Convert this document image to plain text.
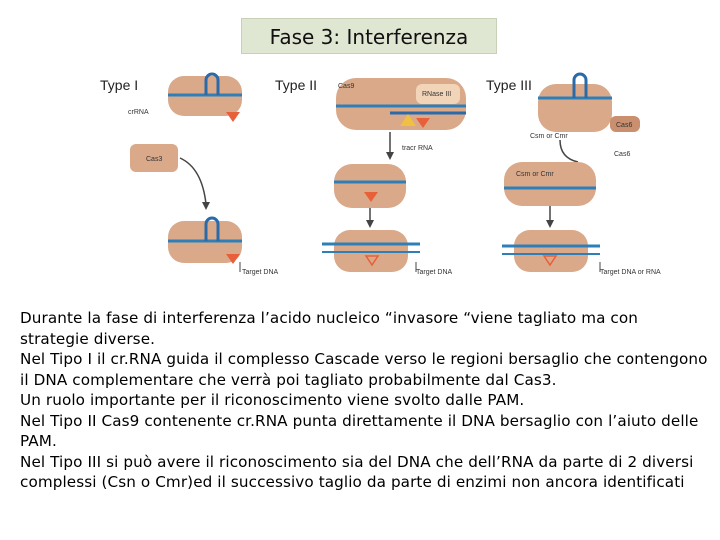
Fase 3: Interferenza
Type I	Type II	Type III
crRNA
Cas3
Target DNA
Cas9
RNase III
tracr RNA
Target DNA
Cas6
Csm or Cmr
Cas6
Csm or Cmr
Target DNA or RNA

Durante la fase di interferenza l’acido nucleico “invasore “viene tagliato ma con strategie diverse.

Nel Tipo I il cr.RNA guida il complesso Cascade verso le regioni bersaglio che contengono il DNA complementare che verrà poi tagliato probabilmente dal Cas3.

Un ruolo importante per il riconoscimento viene svolto dalle PAM.

Nel Tipo II Cas9 contenente cr.RNA punta direttamente il DNA bersaglio con l’aiuto delle PAM.

Nel Tipo III si può avere il riconoscimento sia del DNA che dell’RNA da parte di 2 diversi complessi (Csn o Cmr)ed il successivo taglio da parte di enzimi non ancora identificati
